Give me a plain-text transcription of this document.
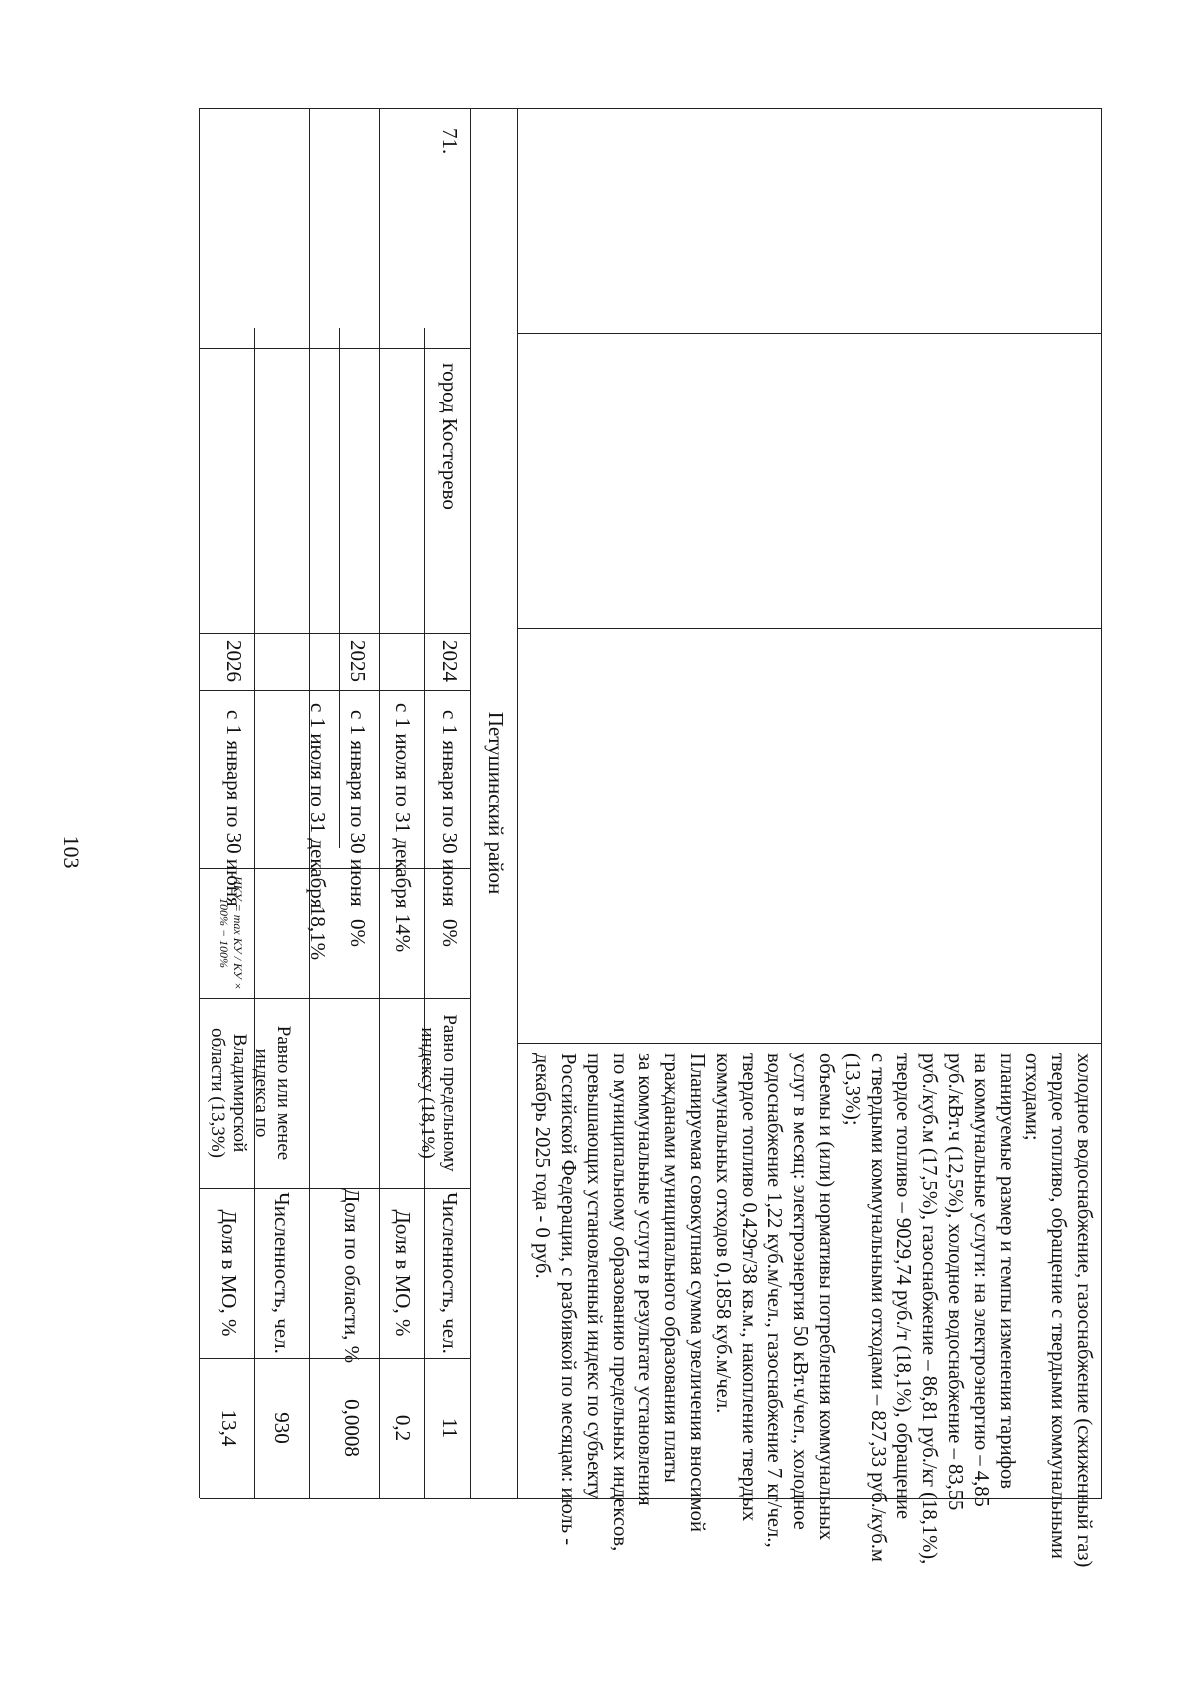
103
холодное водоснабжение, газоснабжение (сжиженный газ)
твердое топливо, обращение с твердыми коммунальными
отходами;
планируемые размер и темпы изменения тарифов
на коммунальные услуги: на электроэнергию – 4,85
руб./кВт.ч (12,5%), холодное водоснабжение – 83,55
руб./куб.м (17,5%), газоснабжение – 86,81 руб./кг (18,1%),
твердое топливо – 9029,74 руб./т (18,1%), обращение
с твердыми коммунальными отходами – 827,33 руб./куб.м
(13,3%);
объемы и (или) нормативы потребления коммунальных
услуг в месяц: электроэнергия 50 кВт.ч/чел., холодное
водоснабжение 1,22 куб.м/чел., газоснабжение 7 кг/чел.,
твердое топливо 0,429т/38 кв.м., накопление твердых
коммунальных отходов 0,1858 куб.м/чел.
Планируемая совокупная сумма увеличения вносимой
гражданами муниципального образования платы
за коммунальные услуги в результате установления
по муниципальному образованию предельных индексов,
превышающих установленный индекс по субъекту
Российской Федерации, с разбивкой по месяцам: июль -
декабрь 2025 года - 0 руб.
Петушинский район
71.
город Костерево
2024
2025
2026
с 1 января по 30 июня
с 1 июля по 31 декабря
с 1 января по 30 июня
с 1 июля по 31 декабря
с 1 января по 30 июня
0%
14%
0%
18,1%
ИКУ = max КУ / КУ × 100% − 100%
Равно предельному индексу (18,1%)
Равно или менее индекса по Владимирской области (13,3%)
Численность, чел.
Доля в МО, %
Доля по области, %
Численность, чел.
Доля в МО, %
11
0,2
0,0008
930
13,4
